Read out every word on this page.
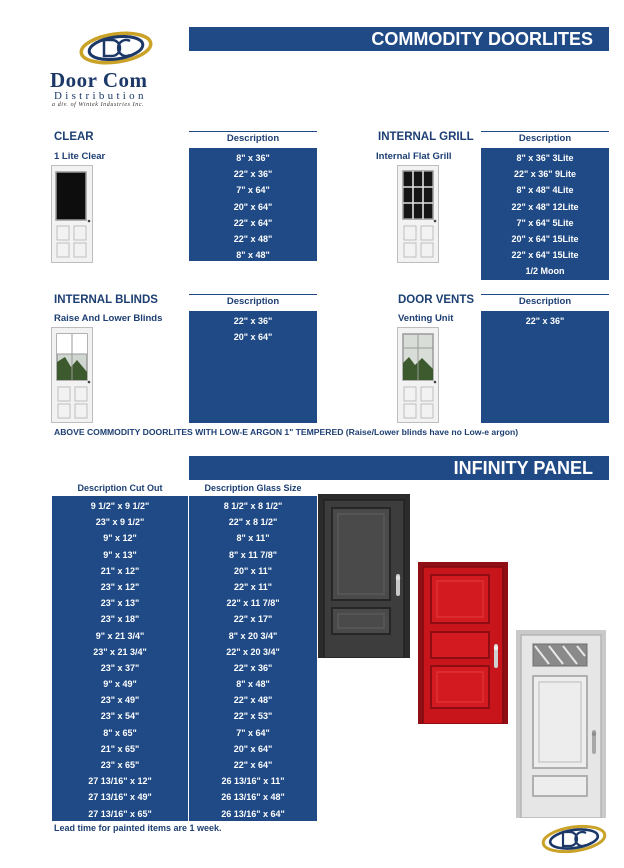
Door Com
Distribution
a div. of Wintek Industries Inc.
COMMODITY DOORLITES
CLEAR
1 Lite Clear
Description
8" x 36"
22" x 36"
7" x 64"
20" x 64"
22" x 64"
22" x 48"
8" x 48"
INTERNAL GRILL
Internal Flat Grill
Description
8" x 36" 3Lite
22" x 36" 9Lite
8" x 48" 4Lite
22" x 48" 12Lite
7" x 64" 5Lite
20" x 64" 15Lite
22" x 64" 15Lite
1/2 Moon
INTERNAL BLINDS
Raise And Lower Blinds
Description
22" x 36"
20" x 64"
DOOR VENTS
Venting Unit
Description
22" x 36"
ABOVE COMMODITY DOORLITES WITH LOW-E ARGON 1" TEMPERED (Raise/Lower blinds have no Low-e argon)
INFINITY PANEL
Description Cut Out	Description Glass Size
9 1/2" x 9 1/2"
23" x 9 1/2"
9" x 12"
9" x 13"
21" x 12"
23" x 12"
23" x 13"
23" x 18"
9" x 21 3/4"
23" x 21 3/4"
23" x 37"
9" x 49"
23" x 49"
23" x 54"
8" x 65"
21" x 65"
23" x 65"
27 13/16" x 12"
27 13/16" x 49"
27 13/16" x 65"
8 1/2" x 8 1/2"
22" x 8 1/2"
8" x 11"
8" x 11 7/8"
20" x 11"
22" x 11"
22" x 11 7/8"
22" x 17"
8" x 20 3/4"
22" x 20 3/4"
22" x 36"
8" x 48"
22" x 48"
22" x 53"
7" x 64"
20" x 64"
22" x 64"
26 13/16" x 11"
26 13/16" x 48"
26 13/16" x 64"
Lead time for painted items are 1 week.
